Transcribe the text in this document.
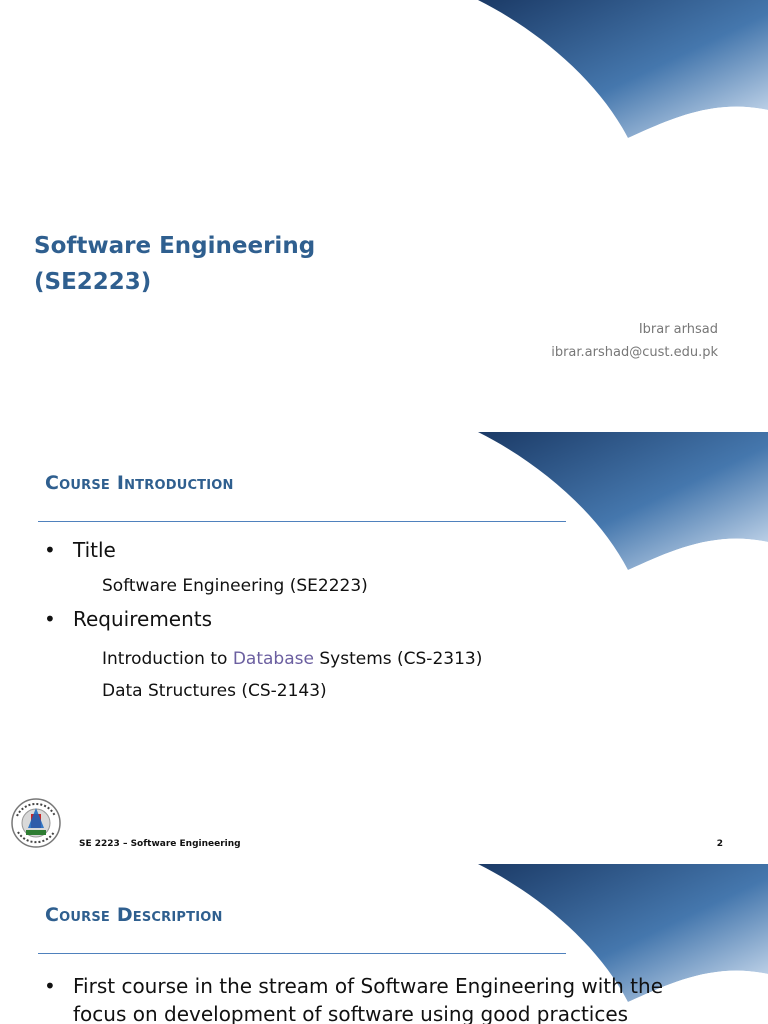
Software Engineering
(SE2223)
Ibrar arhsad
ibrar.arshad@cust.edu.pk
Course Introduction
• Title
Software Engineering (SE2223)
• Requirements
Introduction to Database Systems (CS-2313)
Data Structures (CS-2143)
SE 2223 – Software Engineering	2
Course Description
• First course in the stream of Software Engineering with the
focus on development of software using good practices
